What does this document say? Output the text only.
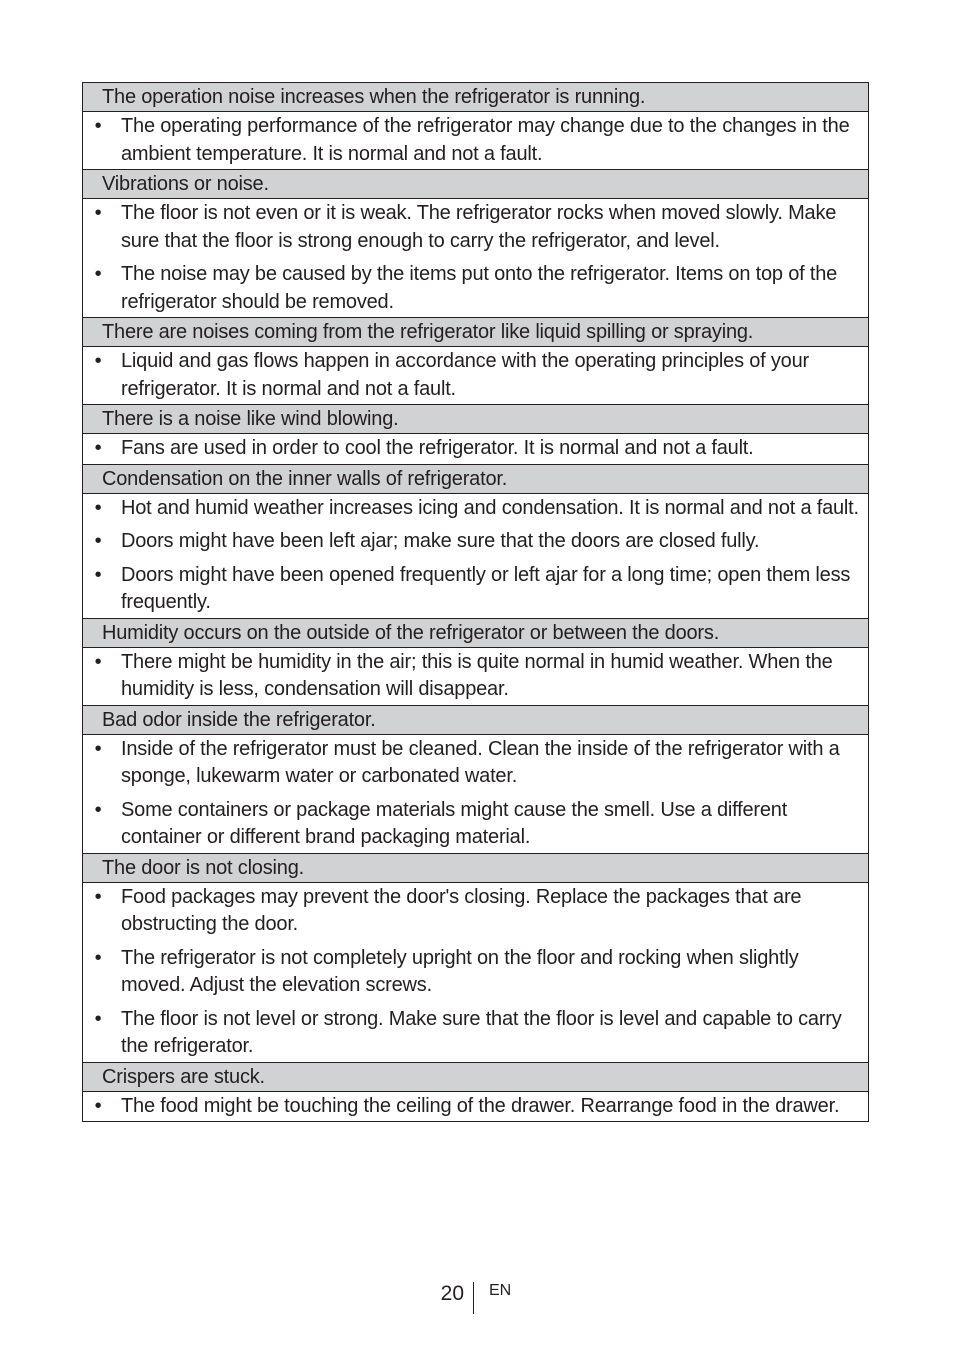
The operation noise increases when the refrigerator is running.

• The operating performance of the refrigerator may change due to the changes in the ambient temperature. It is normal and not a fault.

Vibrations or noise.

• The floor is not even or it is weak. The refrigerator rocks when moved slowly. Make sure that the floor is strong enough to carry the refrigerator, and level.
• The noise may be caused by the items put onto the refrigerator. Items on top of the refrigerator should be removed.

There are noises coming from the refrigerator like liquid spilling or spraying.

• Liquid and gas flows happen in accordance with the operating principles of your refrigerator. It is normal and not a fault.

There is a noise like wind blowing.

• Fans are used in order to cool the refrigerator. It is normal and not a fault.

Condensation on the inner walls of refrigerator.

• Hot and humid weather increases icing and condensation. It is normal and not a fault.
• Doors might have been left ajar; make sure that the doors are closed fully.
• Doors might have been opened frequently or left ajar for a long time; open them less frequently.

Humidity occurs on the outside of the refrigerator or between the doors.

• There might be humidity in the air; this is quite normal in humid weather. When the humidity is less, condensation will disappear.

Bad odor inside the refrigerator.

• Inside of the refrigerator must be cleaned. Clean the inside of the refrigerator with a sponge, lukewarm water or carbonated water.
• Some containers or package materials might cause the smell. Use a different container or different brand packaging material.

The door is not closing.

• Food packages may prevent the door's closing. Replace the packages that are obstructing the door.
• The refrigerator is not completely upright on the floor and rocking when slightly moved. Adjust the elevation screws.
• The floor is not level or strong. Make sure that the floor is level and capable to carry the refrigerator.

Crispers are stuck.

• The food might be touching the ceiling of the drawer. Rearrange food in the drawer.
20 EN
